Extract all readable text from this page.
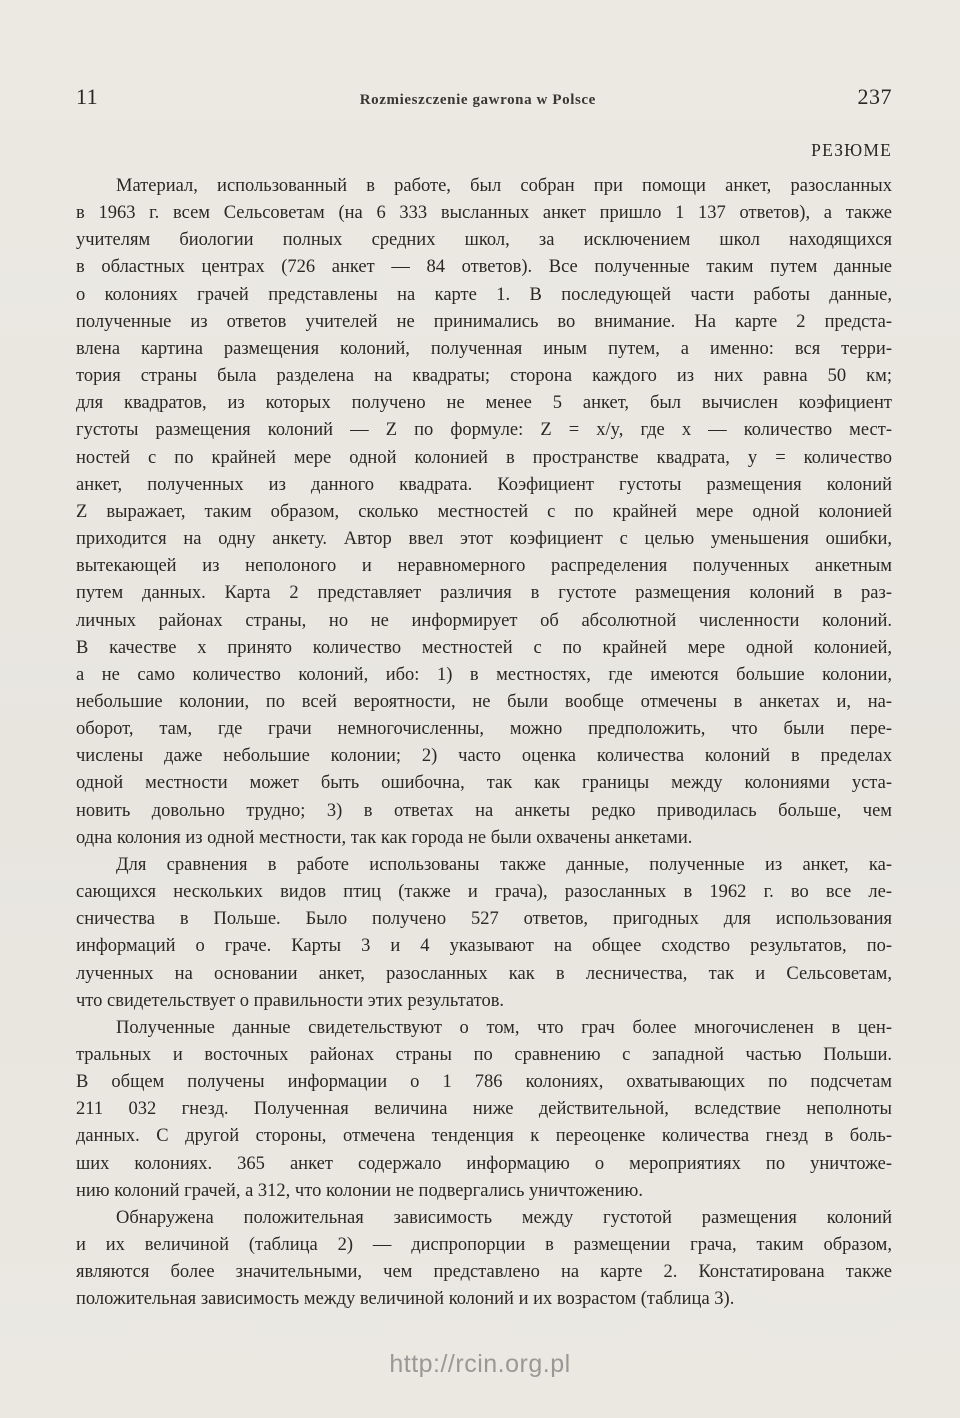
11	Rozmieszczenie gawrona w Polsce	237
РЕЗЮМЕ

Материал, использованный в работе, был собран при помощи анкет, разосланных
в 1963 г. всем Сельсоветам (на 6 333 высланных анкет пришло 1 137 ответов), а также
учителям биологии полных средних школ, за исключением школ находящихся
в областных центрах (726 анкет — 84 ответов). Все полученные таким путем данные
о колониях грачей представлены на карте 1. В последующей части работы данные,
полученные из ответов учителей не принимались во внимание. На карте 2 предста-
влена картина размещения колоний, полученная иным путем, а именно: вся терри-
тория страны была разделена на квадраты; сторона каждого из них равна 50 км;
для квадратов, из которых получено не менее 5 анкет, был вычислен коэфициент
густоты размещения колоний — Z по формуле: Z = x/y, где x — количество мест-
ностей с по крайней мере одной колонией в пространстве квадрата, y = количество
анкет, полученных из данного квадрата. Коэфициент густоты размещения колоний
Z выражает, таким образом, сколько местностей с по крайней мере одной колонией
приходится на одну анкету. Автор ввел этот коэфициент с целью уменьшения ошибки,
вытекающей из неполоного и неравномерного распределения полученных анкетным
путем данных. Карта 2 представляет различия в густоте размещения колоний в раз-
личных районах страны, но не информирует об абсолютной численности колоний.
В качестве x принято количество местностей с по крайней мере одной колонией,
а не само количество колоний, ибо: 1) в местностях, где имеются большие колонии,
небольшие колонии, по всей вероятности, не были вообще отмечены в анкетах и, на-
оборот, там, где грачи немногочисленны, можно предположить, что были пере-
числены даже небольшие колонии; 2) часто оценка количества колоний в пределах
одной местности может быть ошибочна, так как границы между колониями уста-
новить довольно трудно; 3) в ответах на анкеты редко приводилась больше, чем
одна колония из одной местности, так как города не были охвачены анкетами.

Для сравнения в работе использованы также данные, полученные из анкет, ка-
сающихся нескольких видов птиц (также и грача), разосланных в 1962 г. во все ле-
сничества в Польше. Было получено 527 ответов, пригодных для использования
информаций о граче. Карты 3 и 4 указывают на общее сходство результатов, по-
лученных на основании анкет, разосланных как в лесничества, так и Сельсоветам,
что свидетельствует о правильности этих результатов.

Полученные данные свидетельствуют о том, что грач более многочисленен в цен-
тральных и восточных районах страны по сравнению с западной частью Польши.
В общем получены информации о 1 786 колониях, охватывающих по подсчетам
211 032 гнезд. Полученная величина ниже действительной, вследствие неполноты
данных. С другой стороны, отмечена тенденция к переоценке количества гнезд в боль-
ших колониях. 365 анкет содержало информацию о мероприятиях по уничтоже-
нию колоний грачей, а 312, что колонии не подвергались уничтожению.

Обнаружена положительная зависимость между густотой размещения колоний
и их величиной (таблица 2) — диспропорции в размещении грача, таким образом,
являются более значительными, чем представлено на карте 2. Констатирована также
положительная зависимость между величиной колоний и их возрастом (таблица 3).

http://rcin.org.pl
